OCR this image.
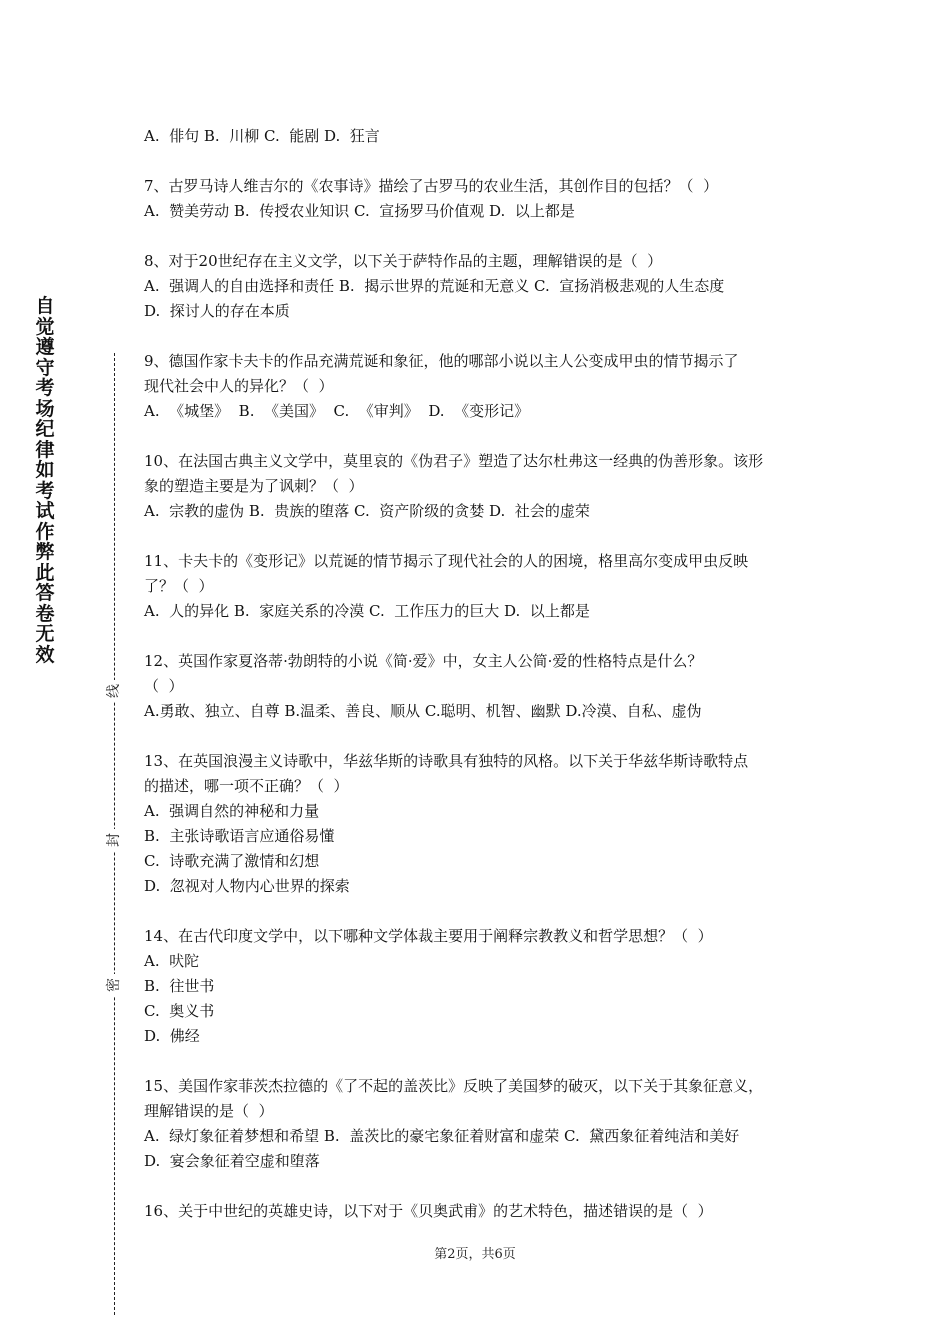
自觉遵守考场纪律如考试作弊此答卷无效
线
封
密
A.  俳句 B.  川柳 C.  能剧 D.  狂言
7、古罗马诗人维吉尔的《农事诗》描绘了古罗马的农业生活，其创作目的包括？（  ）
A.  赞美劳动 B.  传授农业知识 C.  宣扬罗马价值观 D.  以上都是
8、对于20世纪存在主义文学，以下关于萨特作品的主题，理解错误的是（  ）
A.  强调人的自由选择和责任 B.  揭示世界的荒诞和无意义 C.  宣扬消极悲观的人生态度
D.  探讨人的存在本质
9、德国作家卡夫卡的作品充满荒诞和象征，他的哪部小说以主人公变成甲虫的情节揭示了
现代社会中人的异化？（  ）
A.  《城堡》  B.  《美国》  C.  《审判》  D.  《变形记》
10、在法国古典主义文学中，莫里哀的《伪君子》塑造了达尔杜弗这一经典的伪善形象。该形
象的塑造主要是为了讽刺？（  ）
A.  宗教的虚伪 B.  贵族的堕落 C.  资产阶级的贪婪 D.  社会的虚荣
11、卡夫卡的《变形记》以荒诞的情节揭示了现代社会的人的困境，格里高尔变成甲虫反映
了？（  ）
A.  人的异化 B.  家庭关系的冷漠 C.  工作压力的巨大 D.  以上都是
12、英国作家夏洛蒂·勃朗特的小说《简·爱》中，女主人公简·爱的性格特点是什么？
（  ）
A.勇敢、独立、自尊 B.温柔、善良、顺从 C.聪明、机智、幽默 D.冷漠、自私、虚伪
13、在英国浪漫主义诗歌中，华兹华斯的诗歌具有独特的风格。以下关于华兹华斯诗歌特点
的描述，哪一项不正确？（  ）
A.  强调自然的神秘和力量
B.  主张诗歌语言应通俗易懂
C.  诗歌充满了激情和幻想
D.  忽视对人物内心世界的探索
14、在古代印度文学中，以下哪种文学体裁主要用于阐释宗教教义和哲学思想？（  ）
A.  吠陀
B.  往世书
C.  奥义书
D.  佛经
15、美国作家菲茨杰拉德的《了不起的盖茨比》反映了美国梦的破灭，以下关于其象征意义，
理解错误的是（  ）
A.  绿灯象征着梦想和希望 B.  盖茨比的豪宅象征着财富和虚荣 C.  黛西象征着纯洁和美好
D.  宴会象征着空虚和堕落
16、关于中世纪的英雄史诗，以下对于《贝奥武甫》的艺术特色，描述错误的是（  ）
第2页，共6页
